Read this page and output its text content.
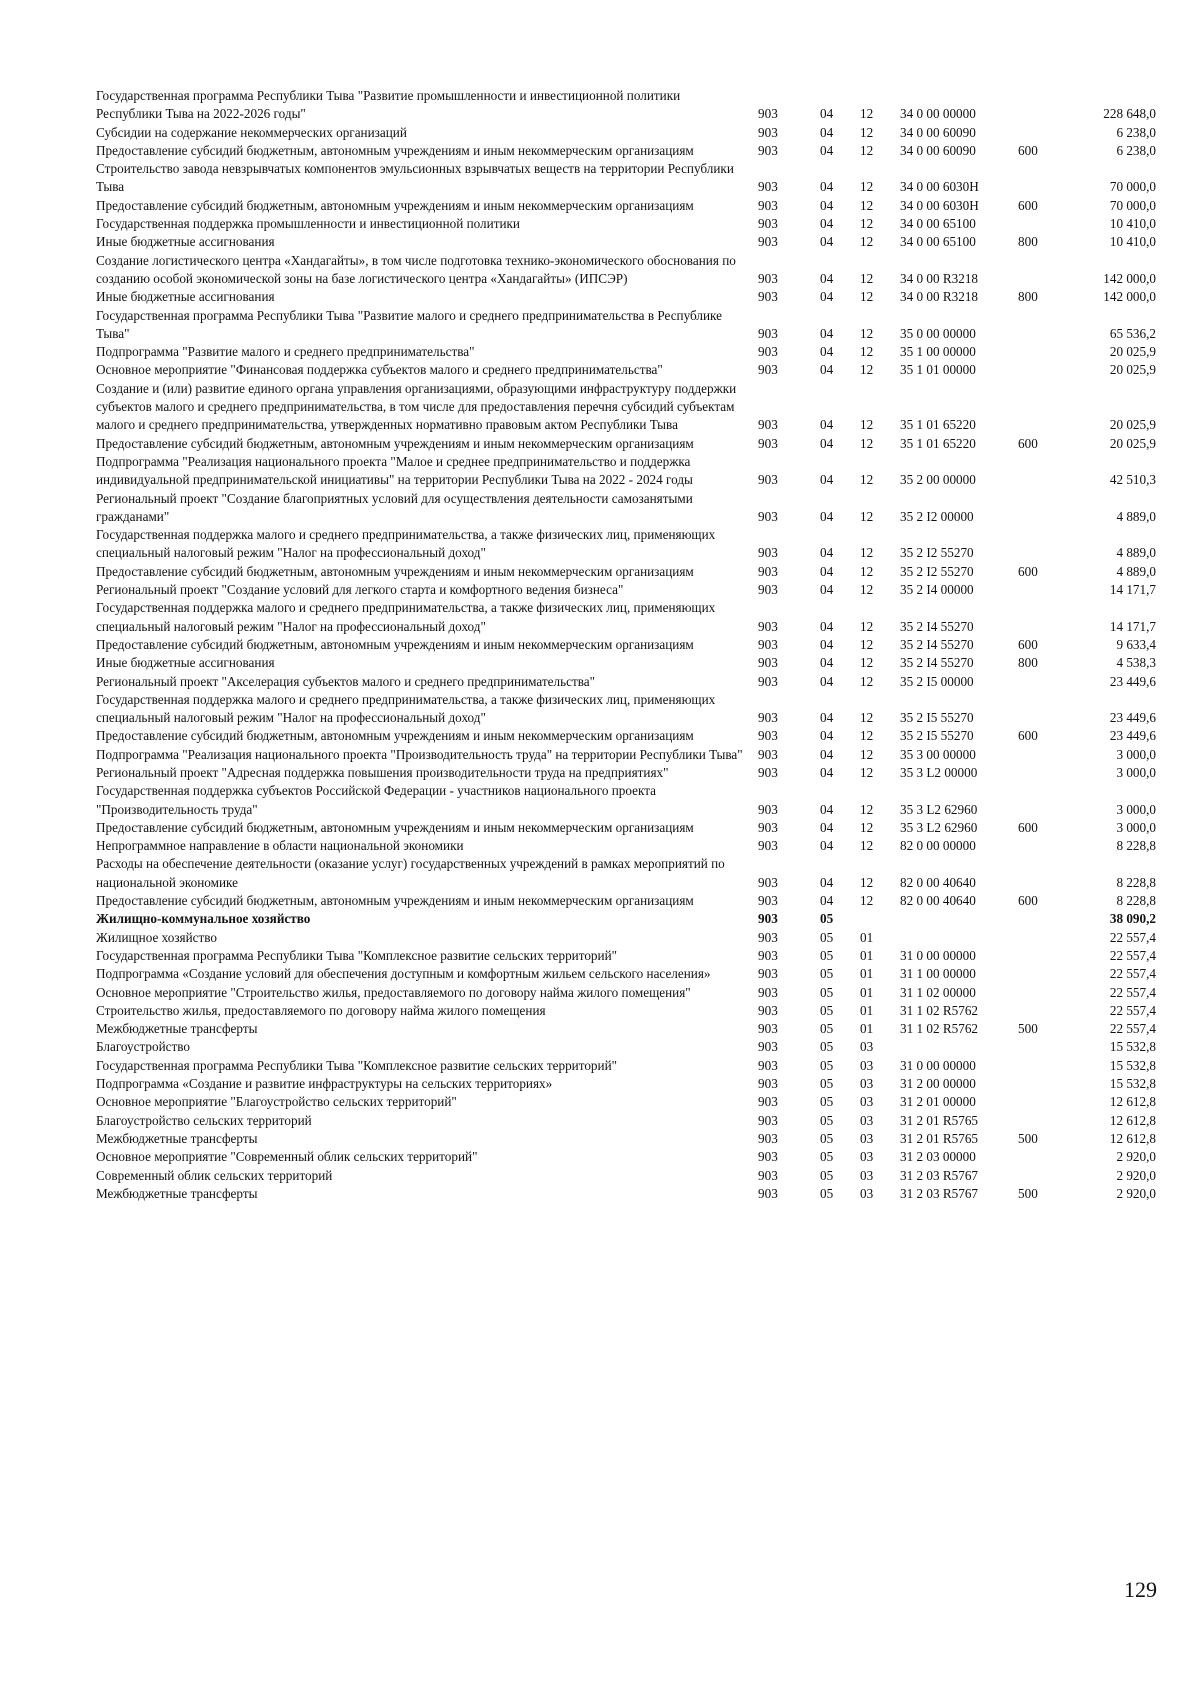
Государственная программа Республики Тыва "Развитие промышленности и инвестиционной политики Республики Тыва на 2022-2026 годы"	903	04	12	34 0 00 00000		228 648,0
Субсидии на содержание некоммерческих организаций	903	04	12	34 0 00 60090		6 238,0
Предоставление субсидий бюджетным, автономным учреждениям и иным некоммерческим организациям	903	04	12	34 0 00 60090	600	6 238,0
Строительство завода невзрывчатых компонентов эмульсионных взрывчатых веществ на территории Республики Тыва	903	04	12	34 0 00 6030Н		70 000,0
Предоставление субсидий бюджетным, автономным учреждениям и иным некоммерческим организациям	903	04	12	34 0 00 6030Н	600	70 000,0
Государственная поддержка промышленности и инвестиционной политики	903	04	12	34 0 00 65100		10 410,0
Иные бюджетные ассигнования	903	04	12	34 0 00 65100	800	10 410,0
Создание логистического центра «Хандагайты», в том числе подготовка технико-экономического обоснования по созданию особой экономической зоны на базе логистического центра «Хандагайты» (ИПСЭР)	903	04	12	34 0 00 R3218		142 000,0
Иные бюджетные ассигнования	903	04	12	34 0 00 R3218	800	142 000,0
Государственная программа Республики Тыва "Развитие малого и среднего предпринимательства в Республике Тыва"	903	04	12	35 0 00 00000		65 536,2
Подпрограмма "Развитие малого и среднего предпринимательства"	903	04	12	35 1 00 00000		20 025,9
Основное мероприятие "Финансовая поддержка субъектов малого и среднего предпринимательства"	903	04	12	35 1 01 00000		20 025,9
Создание и (или) развитие единого органа управления организациями, образующими инфраструктуру поддержки субъектов малого и среднего предпринимательства, в том числе для предоставления перечня субсидий субъектам малого и среднего предпринимательства, утвержденных нормативно правовым актом Республики Тыва	903	04	12	35 1 01 65220		20 025,9
Предоставление субсидий бюджетным, автономным учреждениям и иным некоммерческим организациям	903	04	12	35 1 01 65220	600	20 025,9
Подпрограмма "Реализация национального проекта "Малое и среднее предпринимательство и поддержка индивидуальной предпринимательской инициативы" на территории Республики Тыва на 2022 - 2024 годы	903	04	12	35 2 00 00000		42 510,3
Региональный проект "Создание благоприятных условий для осуществления деятельности самозанятыми гражданами"	903	04	12	35 2 I2 00000		4 889,0
Государственная поддержка малого и среднего предпринимательства, а также физических лиц, применяющих специальный налоговый режим "Налог на профессиональный доход"	903	04	12	35 2 I2 55270		4 889,0
Предоставление субсидий бюджетным, автономным учреждениям и иным некоммерческим организациям	903	04	12	35 2 I2 55270	600	4 889,0
Региональный проект "Создание условий для легкого старта и комфортного ведения бизнеса"	903	04	12	35 2 I4 00000		14 171,7
Государственная поддержка малого и среднего предпринимательства, а также физических лиц, применяющих специальный налоговый режим "Налог на профессиональный доход"	903	04	12	35 2 I4 55270		14 171,7
Предоставление субсидий бюджетным, автономным учреждениям и иным некоммерческим организациям	903	04	12	35 2 I4 55270	600	9 633,4
Иные бюджетные ассигнования	903	04	12	35 2 I4 55270	800	4 538,3
Региональный проект "Акселерация субъектов малого и среднего предпринимательства"	903	04	12	35 2 I5 00000		23 449,6
Государственная поддержка малого и среднего предпринимательства, а также физических лиц, применяющих специальный налоговый режим "Налог на профессиональный доход"	903	04	12	35 2 I5 55270		23 449,6
Предоставление субсидий бюджетным, автономным учреждениям и иным некоммерческим организациям	903	04	12	35 2 I5 55270	600	23 449,6
Подпрограмма "Реализация национального проекта "Производительность труда" на территории Республики Тыва"	903	04	12	35 3 00 00000		3 000,0
Региональный проект "Адресная поддержка повышения производительности труда на предприятиях"	903	04	12	35 3 L2 00000		3 000,0
Государственная поддержка субъектов Российской Федерации - участников национального проекта "Производительность труда"	903	04	12	35 3 L2 62960		3 000,0
Предоставление субсидий бюджетным, автономным учреждениям и иным некоммерческим организациям	903	04	12	35 3 L2 62960	600	3 000,0
Непрограммное направление в области национальной экономики	903	04	12	82 0 00 00000		8 228,8
Расходы на обеспечение деятельности (оказание услуг) государственных учреждений в рамках мероприятий по национальной экономике	903	04	12	82 0 00 40640		8 228,8
Предоставление субсидий бюджетным, автономным учреждениям и иным некоммерческим организациям	903	04	12	82 0 00 40640	600	8 228,8
Жилищно-коммунальное хозяйство	903	05				38 090,2
Жилищное хозяйство	903	05	01			22 557,4
Государственная программа Республики Тыва "Комплексное развитие сельских территорий"	903	05	01	31 0 00 00000		22 557,4
Подпрограмма «Создание условий для обеспечения доступным и комфортным жильем сельского населения»	903	05	01	31 1 00 00000		22 557,4
Основное мероприятие "Строительство жилья, предоставляемого по договору найма жилого помещения"	903	05	01	31 1 02 00000		22 557,4
Строительство жилья, предоставляемого по договору найма жилого помещения	903	05	01	31 1 02 R5762		22 557,4
Межбюджетные трансферты	903	05	01	31 1 02 R5762	500	22 557,4
Благоустройство	903	05	03			15 532,8
Государственная программа Республики Тыва "Комплексное развитие сельских территорий"	903	05	03	31 0 00 00000		15 532,8
Подпрограмма «Создание и развитие инфраструктуры на сельских территориях»	903	05	03	31 2 00 00000		15 532,8
Основное мероприятие "Благоустройство сельских территорий"	903	05	03	31 2 01 00000		12 612,8
Благоустройство сельских территорий	903	05	03	31 2 01 R5765		12 612,8
Межбюджетные трансферты	903	05	03	31 2 01 R5765	500	12 612,8
Основное мероприятие "Современный облик сельских территорий"	903	05	03	31 2 03 00000		2 920,0
Современный облик сельских территорий	903	05	03	31 2 03 R5767		2 920,0
Межбюджетные трансферты	903	05	03	31 2 03 R5767	500	2 920,0
129
